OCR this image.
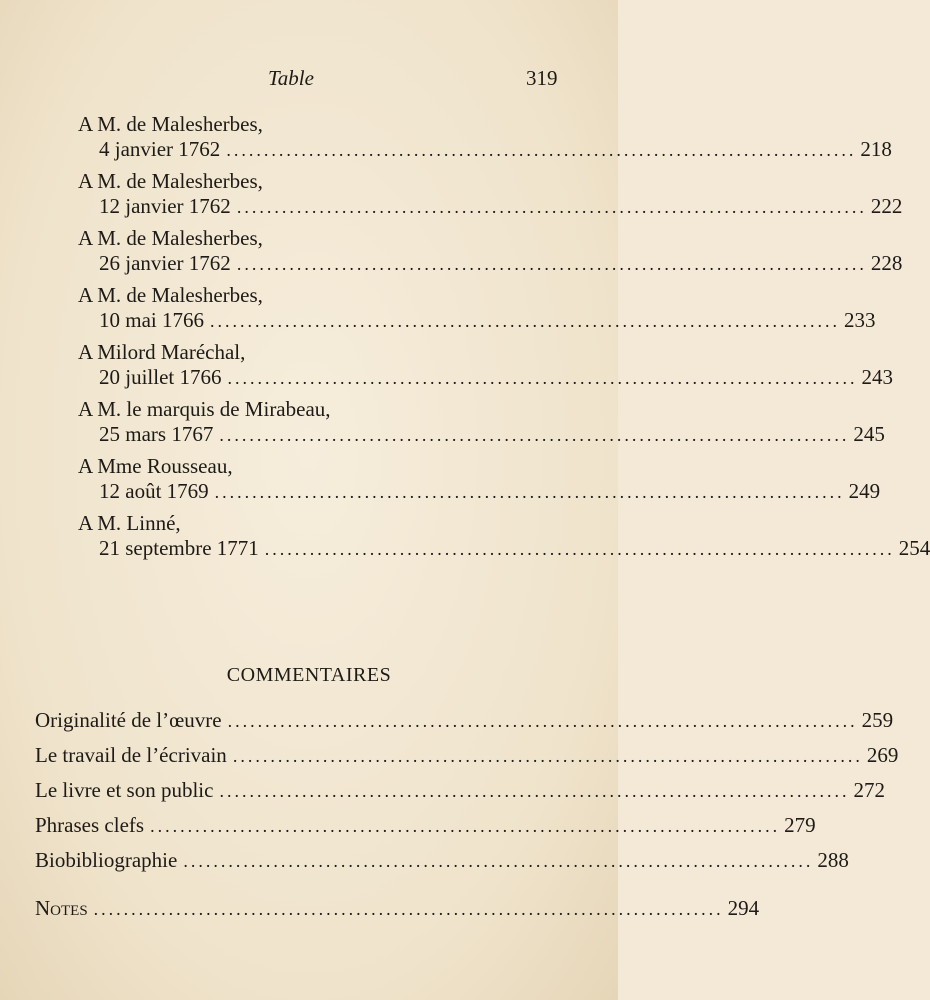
Table	319
A M. de Malesherbes,
4 janvier 1762 .................................................................................... 218
A M. de Malesherbes,
12 janvier 1762 .................................................................................... 222
A M. de Malesherbes,
26 janvier 1762 .................................................................................... 228
A M. de Malesherbes,
10 mai 1766 .................................................................................... 233
A Milord Maréchal,
20 juillet 1766 .................................................................................... 243
A M. le marquis de Mirabeau,
25 mars 1767 .................................................................................... 245
A Mme Rousseau,
12 août 1769 .................................................................................... 249
A M. Linné,
21 septembre 1771 .................................................................................... 254
COMMENTAIRES
Originalité de l’œuvre .................................................................................... 259
Le travail de l’écrivain .................................................................................... 269
Le livre et son public .................................................................................... 272
Phrases clefs .................................................................................... 279
Biobibliographie .................................................................................... 288
Notes .................................................................................... 294
